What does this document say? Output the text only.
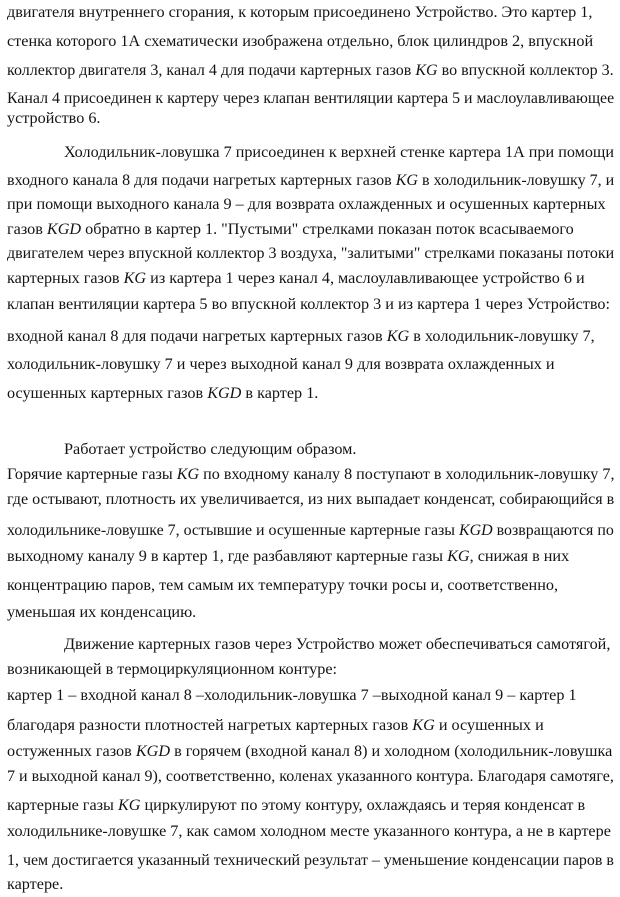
двигателя внутреннего сгорания, к которым присоединено Устройство. Это картер 1,
стенка которого 1А схематически изображена отдельно, блок цилиндров 2, впускной
коллектор двигателя 3, канал 4 для подачи картерных газов KG во впускной коллектор 3.
Канал 4 присоединен к картеру через клапан вентиляции картера 5 и маслоулавливающее
устройство 6.
Холодильник-ловушка 7 присоединен к верхней стенке картера 1А при помощи
входного канала 8 для подачи нагретых картерных газов KG в холодильник-ловушку 7, и
при помощи выходного канала 9 – для возврата охлажденных и осушенных картерных
газов KGD обратно в картер 1. "Пустыми" стрелками показан поток всасываемого
двигателем через впускной коллектор 3 воздуха, "залитыми" стрелками показаны потоки
картерных газов KG из картера 1 через канал 4, маслоулавливающее устройство 6 и
клапан вентиляции картера 5 во впускной коллектор 3 и из картера 1 через Устройство:
входной канал 8 для подачи нагретых картерных газов KG в холодильник-ловушку 7,
холодильник-ловушку 7 и через выходной канал 9 для возврата охлажденных и
осушенных картерных газов KGD в картер 1.
Работает устройство следующим образом.
Горячие картерные газы KG по входному каналу 8 поступают в холодильник-ловушку 7,
где остывают, плотность их увеличивается, из них выпадает конденсат, собирающийся в
холодильнике-ловушке 7, остывшие и осушенные картерные газы KGD возвращаются по
выходному каналу 9 в картер 1, где разбавляют картерные газы KG, снижая в них
концентрацию паров, тем самым их температуру точки росы и, соответственно,
уменьшая их конденсацию.
Движение картерных газов через Устройство может обеспечиваться самотягой,
возникающей в термоциркуляционном контуре:
картер 1 – входной канал 8 –холодильник-ловушка 7 –выходной канал 9 – картер 1
благодаря разности плотностей нагретых картерных газов KG и осушенных и
остуженных газов KGD в горячем (входной канал 8) и холодном (холодильник-ловушка
7 и выходной канал 9), соответственно, коленах указанного контура. Благодаря самотяге,
картерные газы KG циркулируют по этому контуру, охлаждаясь и теряя конденсат в
холодильнике-ловушке 7, как самом холодном месте указанного контура, а не в картере
1, чем достигается указанный технический результат – уменьшение конденсации паров в
картере.
